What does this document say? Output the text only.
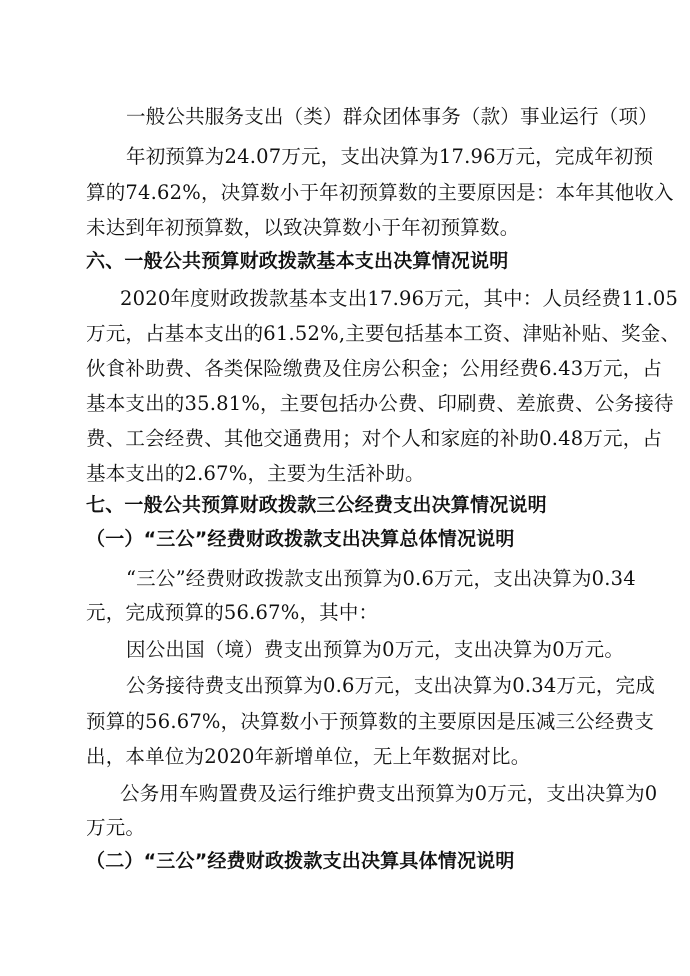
一般公共服务支出（类）群众团体事务（款）事业运行（项）
年初预算为24.07万元，支出决算为17.96万元，完成年初预
算的74.62%，决算数小于年初预算数的主要原因是：本年其他收入
未达到年初预算数，以致决算数小于年初预算数。
六、一般公共预算财政拨款基本支出决算情况说明
2020年度财政拨款基本支出17.96万元，其中：人员经费11.05
万元，占基本支出的61.52%,主要包括基本工资、津贴补贴、奖金、
伙食补助费、各类保险缴费及住房公积金；公用经费6.43万元，占
基本支出的35.81%，主要包括办公费、印刷费、差旅费、公务接待
费、工会经费、其他交通费用；对个人和家庭的补助0.48万元，占
基本支出的2.67%，主要为生活补助。
七、一般公共预算财政拨款三公经费支出决算情况说明
（一）“三公”经费财政拨款支出决算总体情况说明
“三公”经费财政拨款支出预算为0.6万元，支出决算为0.34
元，完成预算的56.67%，其中：
因公出国（境）费支出预算为0万元，支出决算为0万元。
公务接待费支出预算为0.6万元，支出决算为0.34万元，完成
预算的56.67%，决算数小于预算数的主要原因是压减三公经费支
出，本单位为2020年新增单位，无上年数据对比。
公务用车购置费及运行维护费支出预算为0万元，支出决算为0
万元。
（二）“三公”经费财政拨款支出决算具体情况说明
